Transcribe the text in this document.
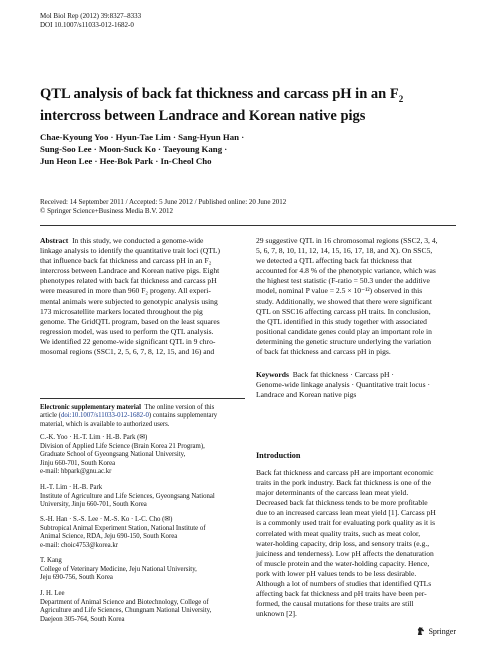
Mol Biol Rep (2012) 39:8327–8333
DOI 10.1007/s11033-012-1682-0
QTL analysis of back fat thickness and carcass pH in an $F_2$
intercross between Landrace and Korean native pigs
Chae-Kyoung Yoo · Hyun-Tae Lim · Sang-Hyun Han ·
Sung-Soo Lee · Moon-Suck Ko · Taeyoung Kang ·
Jun Heon Lee · Hee-Bok Park · In-Cheol Cho
Received: 14 September 2011 / Accepted: 5 June 2012 / Published online: 20 June 2012
© Springer Science+Business Media B.V. 2012
Abstract In this study, we conducted a genome-wide
linkage analysis to identify the quantitative trait loci (QTL)
that influence back fat thickness and carcass pH in an F₂
intercross between Landrace and Korean native pigs. Eight
phenotypes related with back fat thickness and carcass pH
were measured in more than 960 F₂ progeny. All experi-
mental animals were subjected to genotypic analysis using
173 microsatellite markers located throughout the pig
genome. The GridQTL program, based on the least squares
regression model, was used to perform the QTL analysis.
We identified 22 genome-wide significant QTL in 9 chro-
mosomal regions (SSC1, 2, 5, 6, 7, 8, 12, 15, and 16) and
29 suggestive QTL in 16 chromosomal regions (SSC2, 3, 4,
5, 6, 7, 8, 10, 11, 12, 14, 15, 16, 17, 18, and X). On SSC5,
we detected a QTL affecting back fat thickness that
accounted for 4.8 % of the phenotypic variance, which was
the highest test statistic (F-ratio = 50.3 under the additive
model, nominal P value = 2.5 × 10⁻¹²) observed in this
study. Additionally, we showed that there were significant
QTL on SSC16 affecting carcass pH traits. In conclusion,
the QTL identified in this study together with associated
positional candidate genes could play an important role in
determining the genetic structure underlying the variation
of back fat thickness and carcass pH in pigs.
Electronic supplementary material The online version of this
article (doi:10.1007/s11033-012-1682-0) contains supplementary
material, which is available to authorized users.
C.-K. Yoo · H.-T. Lim · H.-B. Park (✉)
Division of Applied Life Science (Brain Korea 21 Program),
Graduate School of Gyeongsang National University,
Jinju 660-701, South Korea
e-mail: hbpark@gnu.ac.kr
H.-T. Lim · H.-B. Park
Institute of Agriculture and Life Sciences, Gyeongsang National
University, Jinju 660-701, South Korea
S.-H. Han · S.-S. Lee · M.-S. Ko · I.-C. Cho (✉)
Subtropical Animal Experiment Station, National Institute of
Animal Science, RDA, Jeju 690-150, South Korea
e-mail: choic4753@korea.kr
T. Kang
College of Veterinary Medicine, Jeju National University,
Jeju 690-756, South Korea
J. H. Lee
Department of Animal Science and Biotechnology, College of
Agriculture and Life Sciences, Chungnam National University,
Daejeon 305-764, South Korea
Keywords Back fat thickness · Carcass pH ·
Genome-wide linkage analysis · Quantitative trait locus ·
Landrace and Korean native pigs
Introduction
Back fat thickness and carcass pH are important economic
traits in the pork industry. Back fat thickness is one of the
major determinants of the carcass lean meat yield.
Decreased back fat thickness tends to be more profitable
due to an increased carcass lean meat yield [1]. Carcass pH
is a commonly used trait for evaluating pork quality as it is
correlated with meat quality traits, such as meat color,
water-holding capacity, drip loss, and sensory traits (e.g.,
juiciness and tenderness). Low pH affects the denaturation
of muscle protein and the water-holding capacity. Hence,
pork with lower pH values tends to be less desirable.
Although a lot of numbers of studies that identified QTLs
affecting back fat thickness and pH traits have been per-
formed, the causal mutations for these traits are still
unknown [2].
Springer
